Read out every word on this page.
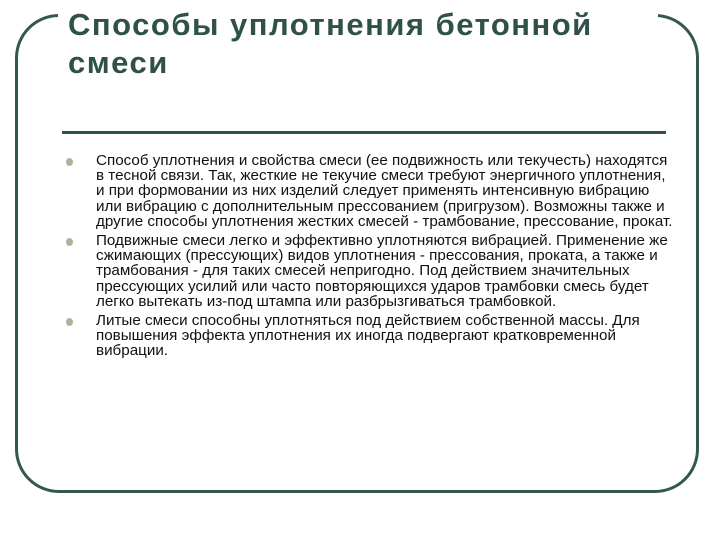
Способы уплотнения бетонной смеси
Способ уплотнения и свойства смеси (ее подвижность или текучесть) находятся в тесной связи. Так, жесткие не текучие смеси требуют энергичного уплотнения, и при формовании из них изделий следует применять интенсивную вибрацию или вибрацию с дополнительным прессованием (пригрузом). Возможны также и другие способы уплотнения жестких смесей - трамбование, прессование, прокат.
Подвижные смеси легко и эффективно уплотняются вибрацией. Применение же сжимающих (прессующих) видов уплотнения - прессования, проката, а также и трамбования - для таких смесей непригодно. Под действием значительных прессующих усилий или часто повторяющихся ударов трамбовки смесь будет легко вытекать из-под штампа или разбрызгиваться трамбовкой.
Литые смеси способны уплотняться под действием собственной массы. Для повышения эффекта уплотнения их иногда подвергают кратковременной вибрации.
